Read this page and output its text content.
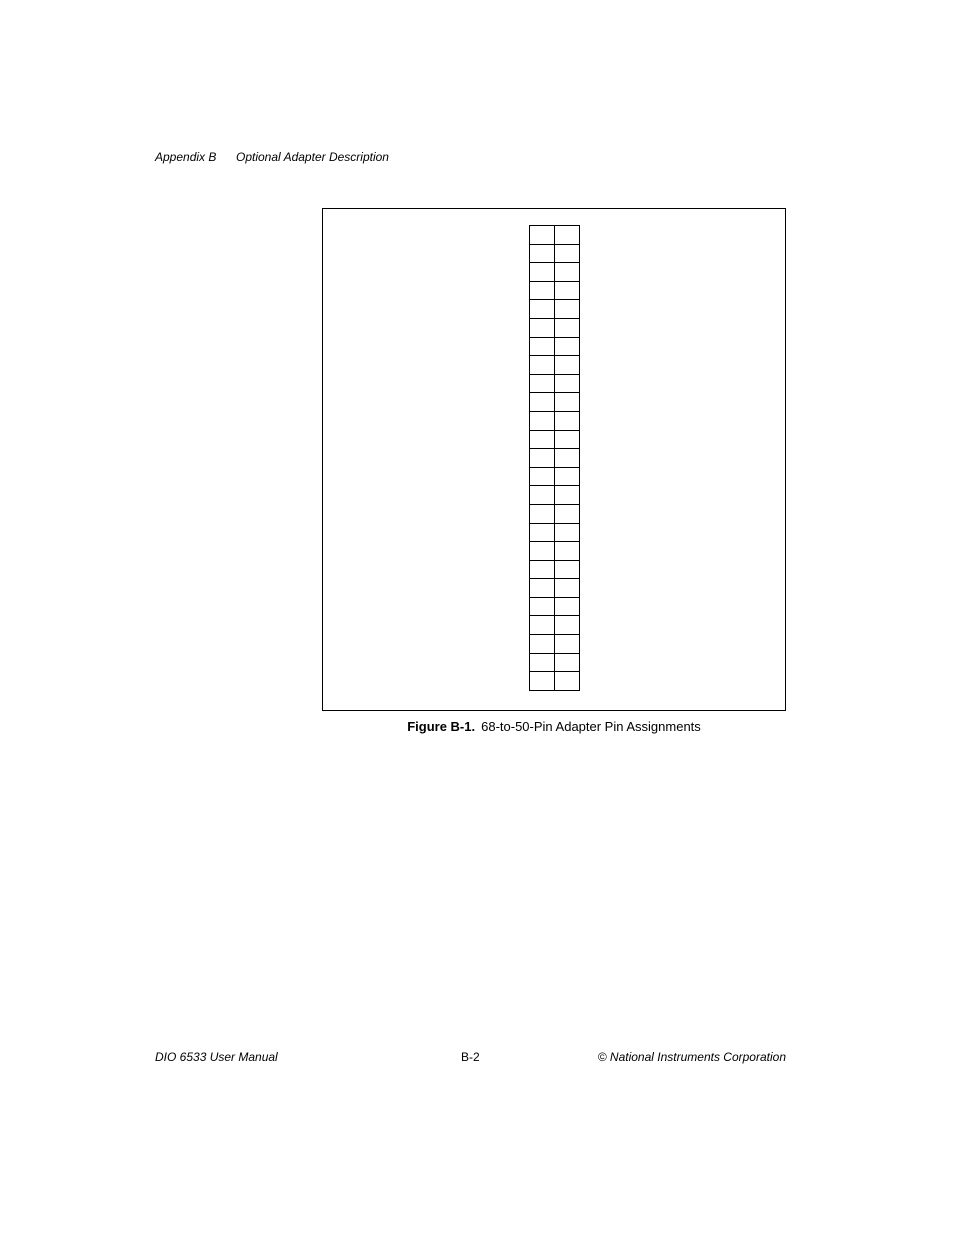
Appendix B Optional Adapter Description

Figure B-1. 68-to-50-Pin Adapter Pin Assignments
DIO 6533 User Manual	B-2	© National Instruments Corporation
